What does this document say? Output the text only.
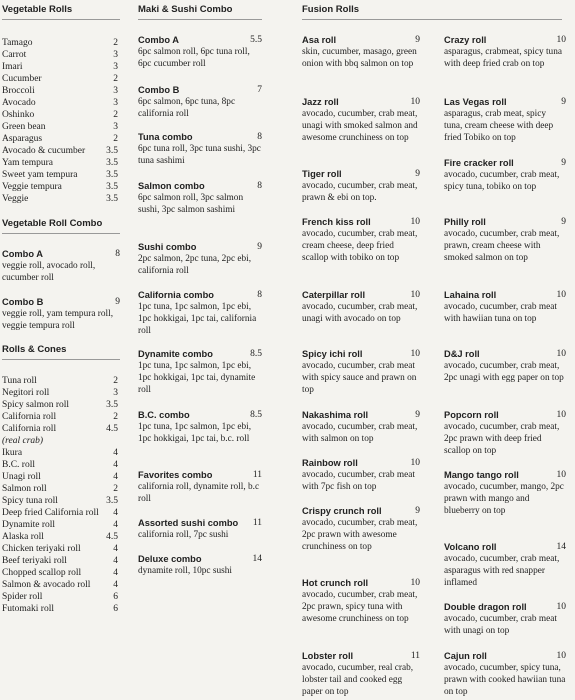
Vegetable Rolls
Tamago	2
Carrot	3
Imari	3
Cucumber	2
Broccoli	3
Avocado	3
Oshinko	2
Green bean	3
Asparagus	2
Avocado & cucumber 3.5
Yam tempura	3.5
Sweet yam tempura	3.5
Veggie tempura	3.5
Veggie	3.5
Vegetable Roll Combo
Combo A	8
veggie roll, avocado roll, cucumber roll
Combo B	9
veggie roll, yam tempura roll, veggie tempura roll
Rolls & Cones
Tuna roll	2
Negitori roll	3
Spicy salmon roll	3.5
California roll	2
California roll	4.5
(real crab)
Ikura	4
B.C. roll	4
Unagi roll	4
Salmon roll	2
Spicy tuna roll	3.5
Deep fried California roll 4
Dynamite roll	4
Alaska roll	4.5
Chicken teriyaki roll	4
Beef teriyaki roll	4
Chopped scallop roll	4
Salmon & avocado roll 4
Spider roll	6
Futomaki roll	6
Maki & Sushi Combo
Combo A	5.5
6pc salmon roll, 6pc tuna roll, 6pc cucumber roll
Combo B	7
6pc salmon, 6pc tuna, 8pc california roll
Tuna combo	8
6pc tuna roll, 3pc tuna sushi, 3pc tuna sashimi
Salmon combo	8
6pc salmon roll, 3pc salmon sushi, 3pc salmon sashimi
Sushi combo	9
2pc salmon, 2pc tuna, 2pc ebi, california roll
California combo	8
1pc tuna, 1pc salmon, 1pc ebi, 1pc hokkigai, 1pc tai, california roll
Dynamite combo	8.5
1pc tuna, 1pc salmon, 1pc ebi, 1pc hokkigai, 1pc tai, dynamite roll
B.C. combo	8.5
1pc tuna, 1pc salmon, 1pc ebi, 1pc hokkigai, 1pc tai, b.c. roll
Favorites combo	11
california roll, dynamite roll, b.c roll
Assorted sushi combo	11
california roll, 7pc sushi
Deluxe combo	14
dynamite roll, 10pc sushi
Fusion Rolls
Asa roll	9
skin, cucumber, masago, green onion with bbq salmon on top
Jazz roll	10
avocado, cucumber, crab meat, unagi with smoked salmon and awesome crunchiness on top
Tiger roll	9
avocado, cucumber, crab meat, prawn & ebi on top.
French kiss roll	10
avocado, cucumber, crab meat, cream cheese, deep fried scallop with tobiko on top
Caterpillar roll	10
avocado, cucumber, crab meat, unagi with avocado on top
Spicy ichi roll	10
avocado, cucumber, crab meat with spicy sauce and prawn on top
Nakashima roll	9
avocado, cucumber, crab meat, with salmon on top
Rainbow roll	10
avocado, cucumber, crab meat with 7pc fish on top
Crispy crunch roll	9
avocado, cucumber, crab meat, 2pc prawn with awesome crunchiness on top
Hot crunch roll	10
avocado, cucumber, crab meat, 2pc prawn, spicy tuna with awesome crunchiness on top
Lobster roll	11
avocado, cucumber, real crab, lobster tail and cooked egg paper on top
Crazy roll	10
asparagus, crabmeat, spicy tuna with deep fried crab on top
Las Vegas roll	9
asparagus, crab meat, spicy tuna, cream cheese with deep fried Tobiko on top
Fire cracker roll	9
avocado, cucumber, crab meat, spicy tuna, tobiko on top
Philly roll	9
avocado, cucumber, crab meat, prawn, cream cheese with smoked salmon on top
Lahaina roll	10
avocado, cucumber, crab meat with hawiian tuna on top
D&J roll	10
avocado, cucumber, crab meat, 2pc unagi with egg paper on top
Popcorn roll	10
avocado, cucumber, crab meat, 2pc prawn with deep fried scallop on top
Mango tango roll	10
avocado, cucumber, mango, 2pc prawn with mango and blueberry on top
Volcano roll	14
avocado, cucumber, crab meat, asparagus with red snapper inflamed
Double dragon roll	10
avocado, cucumber, crab meat with unagi on top
Cajun roll	10
avocado, cucumber, spicy tuna, prawn with cooked hawiian tuna on top
